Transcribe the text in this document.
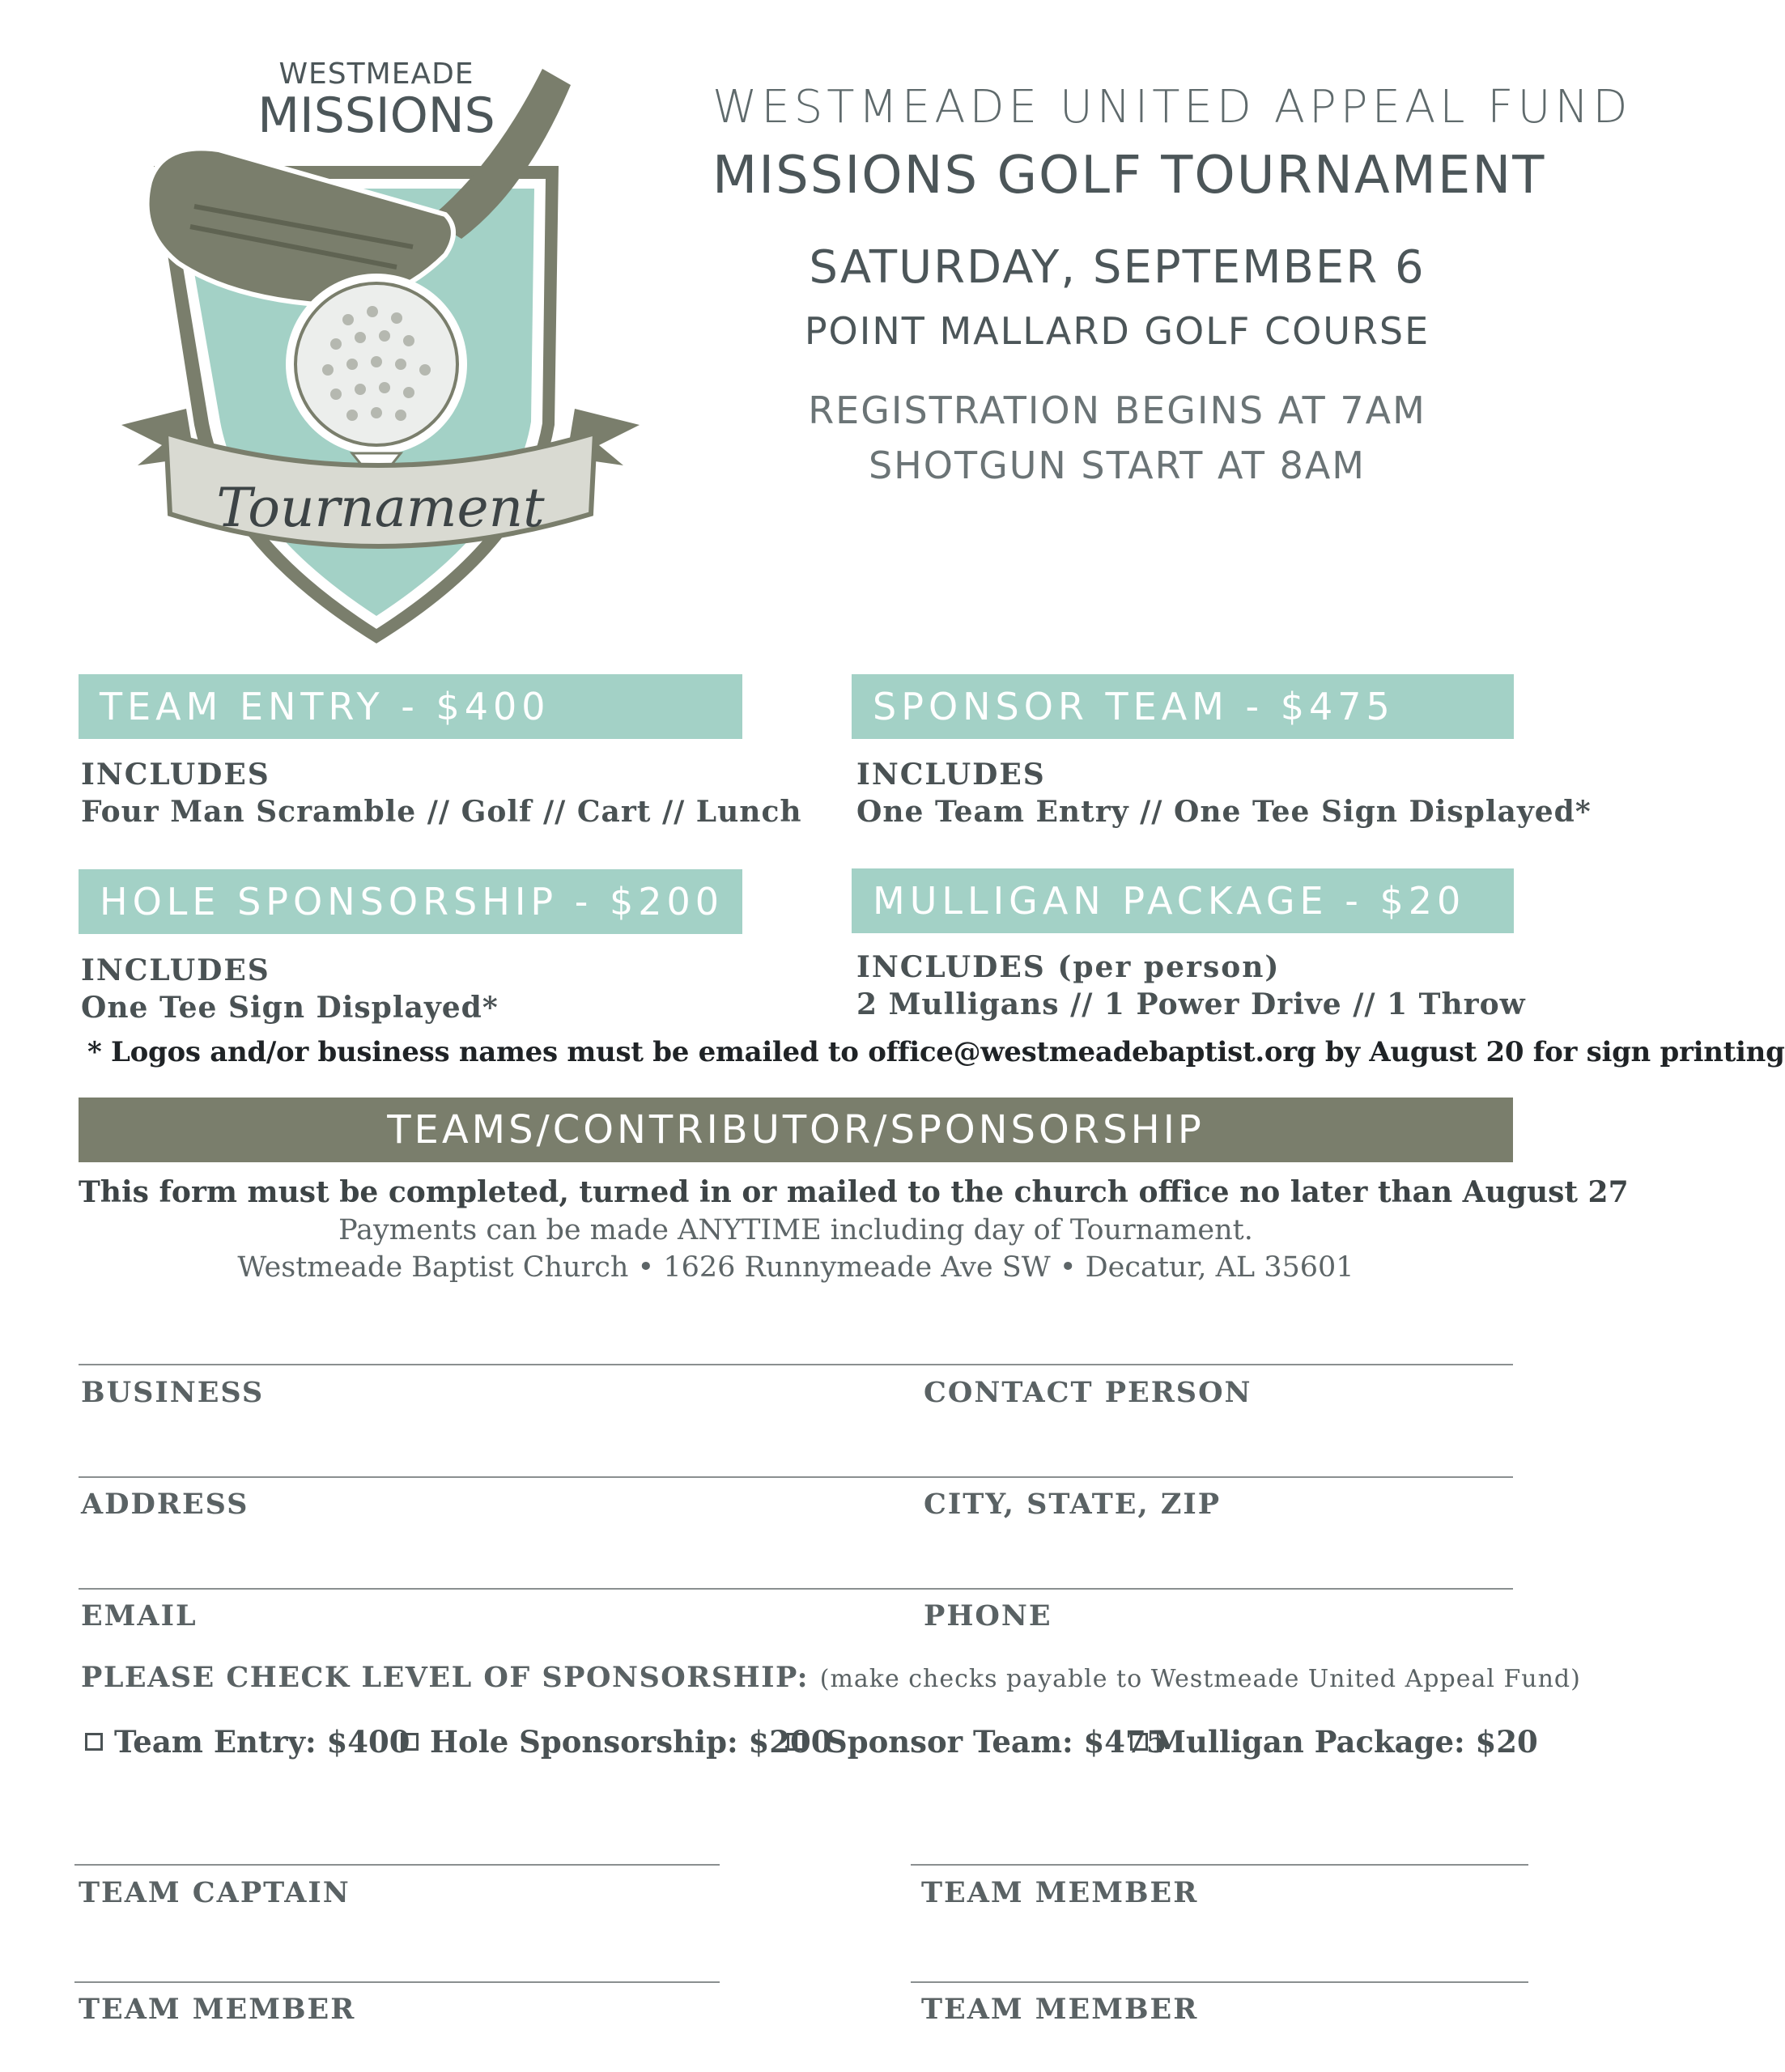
Tournament
WESTMEADE
MISSIONS	WESTMEADE UNITED APPEAL FUND
MISSIONS GOLF TOURNAMENT
SATURDAY, SEPTEMBER 6
POINT MALLARD GOLF COURSE
REGISTRATION BEGINS AT 7AM
SHOTGUN START AT 8AM
TEAM ENTRY - $400
INCLUDES
Four Man Scramble // Golf // Cart // Lunch
SPONSOR TEAM - $475
INCLUDES
One Team Entry // One Tee Sign Displayed*
HOLE SPONSORSHIP - $200
INCLUDES
One Tee Sign Displayed*
MULLIGAN PACKAGE - $20
INCLUDES (per person)
2 Mulligans // 1 Power Drive // 1 Throw
* Logos and/or business names must be emailed to office@westmeadebaptist.org by August 20 for sign printing
TEAMS/CONTRIBUTOR/SPONSORSHIP
This form must be completed, turned in or mailed to the church office no later than August 27
Payments can be made ANYTIME including day of Tournament.
Westmeade Baptist Church • 1626 Runnymeade Ave SW • Decatur, AL 35601
BUSINESS	CONTACT PERSON
ADDRESS	CITY, STATE, ZIP
EMAIL	PHONE
PLEASE CHECK LEVEL OF SPONSORSHIP: (make checks payable to Westmeade United Appeal Fund)
Team Entry: $400 Hole Sponsorship: $200
Sponsor Team: $475
Mulligan Package: $20
TEAM CAPTAIN	TEAM MEMBER
TEAM MEMBER	TEAM MEMBER
